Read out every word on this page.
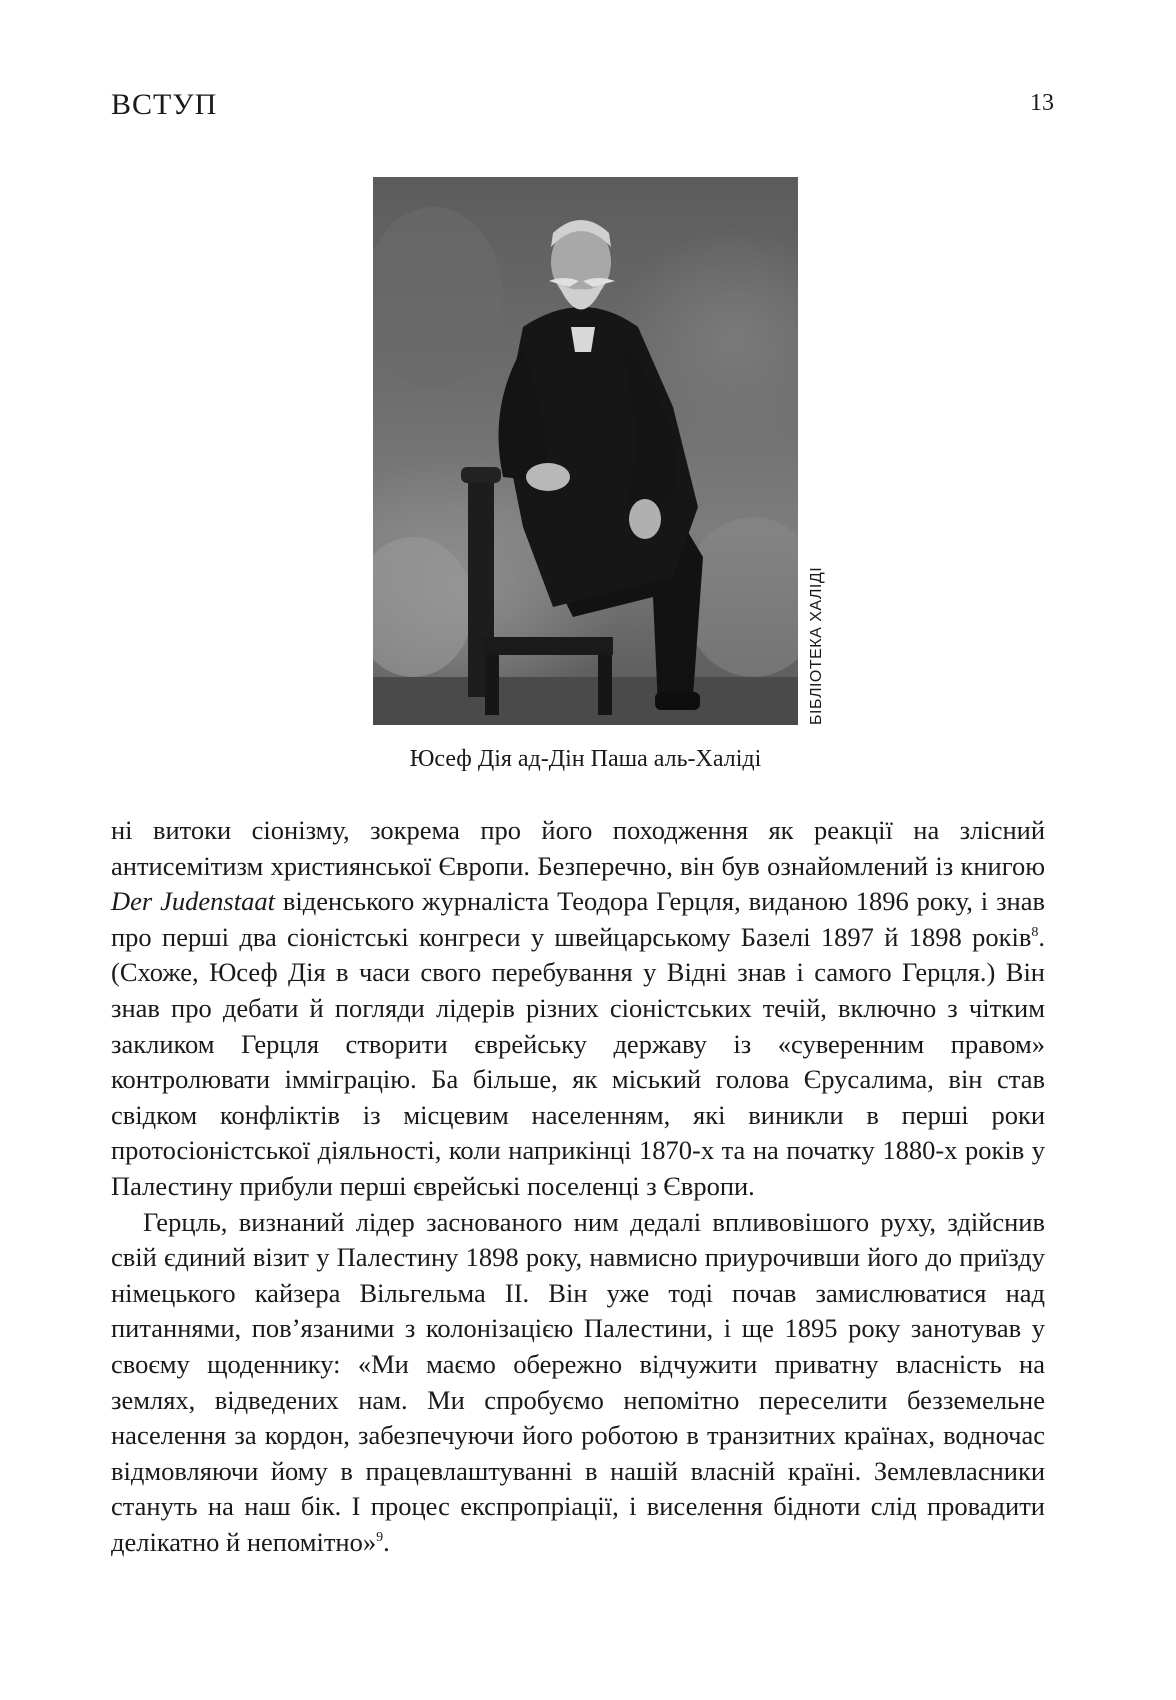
ВСТУП	13
БІБЛІОТЕКА ХАЛІДІ
Юсеф Дія ад-Дін Паша аль-Халіді

ні витоки сіонізму, зокрема про його походження як реакції на злісний антисемітизм християнської Європи. Безперечно, він був ознайомлений із книгою Der Judenstaat віденського журналіста Теодора Герцля, виданою 1896 року, і знав про перші два сіоністські конгреси у швейцарському Базелі 1897 й 1898 років$^8$. (Схоже, Юсеф Дія в часи свого перебування у Відні знав і самого Герцля.) Він знав про дебати й погляди лідерів різних сіоністських течій, включно з чітким закликом Герцля створити єврейську державу із «суверенним правом» контролювати імміграцію. Ба більше, як міський голова Єрусалима, він став свідком конфліктів із місцевим населенням, які виникли в перші роки протосіоністської діяльності, коли наприкінці 1870-х та на початку 1880-х років у Палестину прибули перші єврейські поселенці з Європи.

Герцль, визнаний лідер заснованого ним дедалі впливовішого руху, здійснив свій єдиний візит у Палестину 1898 року, навмисно приурочивши його до приїзду німецького кайзера Вільгельма II. Він уже тоді почав замислюватися над питаннями, пов’язаними з колонізацією Палестини, і ще 1895 року занотував у своєму щоденнику: «Ми маємо обережно відчужити приватну власність на землях, відведених нам. Ми спробуємо непомітно переселити безземельне населення за кордон, забезпечуючи його роботою в транзитних країнах, водночас відмовляючи йому в працевлаштуванні в нашій власній країні. Землевласники стануть на наш бік. І процес експропріації, і виселення бідноти слід провадити делікатно й непомітно»$^9$.
